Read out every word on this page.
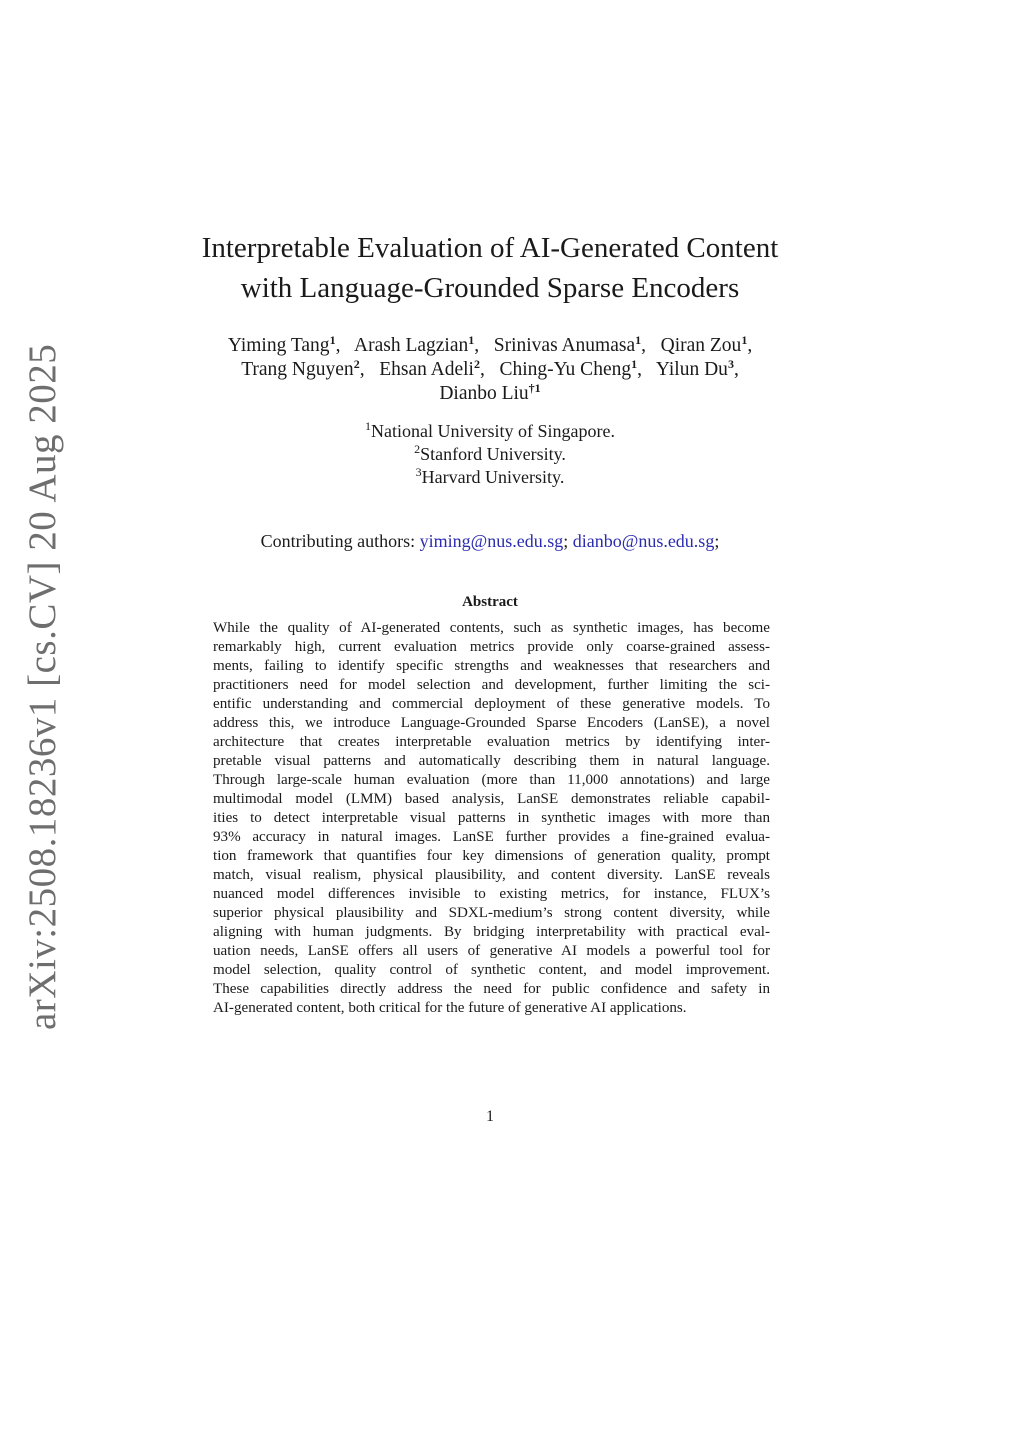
arXiv:2508.18236v1 [cs.CV] 20 Aug 2025
Interpretable Evaluation of AI-Generated Content
with Language-Grounded Sparse Encoders
Yiming Tang$^1$, Arash Lagzian$^1$, Srinivas Anumasa$^1$, Qiran Zou$^1$,
Trang Nguyen$^2$, Ehsan Adeli$^2$, Ching-Yu Cheng$^1$, Yilun Du$^3$,
Dianbo Liu$^{\dagger 1}$
$^1$National University of Singapore.
$^2$Stanford University.
$^3$Harvard University.
Contributing authors: yiming@nus.edu.sg; dianbo@nus.edu.sg;
Abstract
While the quality of AI-generated contents, such as synthetic images, has become
remarkably high, current evaluation metrics provide only coarse-grained assess-
ments, failing to identify specific strengths and weaknesses that researchers and
practitioners need for model selection and development, further limiting the sci-
entific understanding and commercial deployment of these generative models. To
address this, we introduce Language-Grounded Sparse Encoders (LanSE), a novel
architecture that creates interpretable evaluation metrics by identifying inter-
pretable visual patterns and automatically describing them in natural language.
Through large-scale human evaluation (more than 11,000 annotations) and large
multimodal model (LMM) based analysis, LanSE demonstrates reliable capabil-
ities to detect interpretable visual patterns in synthetic images with more than
93% accuracy in natural images. LanSE further provides a fine-grained evalua-
tion framework that quantifies four key dimensions of generation quality, prompt
match, visual realism, physical plausibility, and content diversity. LanSE reveals
nuanced model differences invisible to existing metrics, for instance, FLUX’s
superior physical plausibility and SDXL-medium’s strong content diversity, while
aligning with human judgments. By bridging interpretability with practical eval-
uation needs, LanSE offers all users of generative AI models a powerful tool for
model selection, quality control of synthetic content, and model improvement.
These capabilities directly address the need for public confidence and safety in
AI-generated content, both critical for the future of generative AI applications.
1
